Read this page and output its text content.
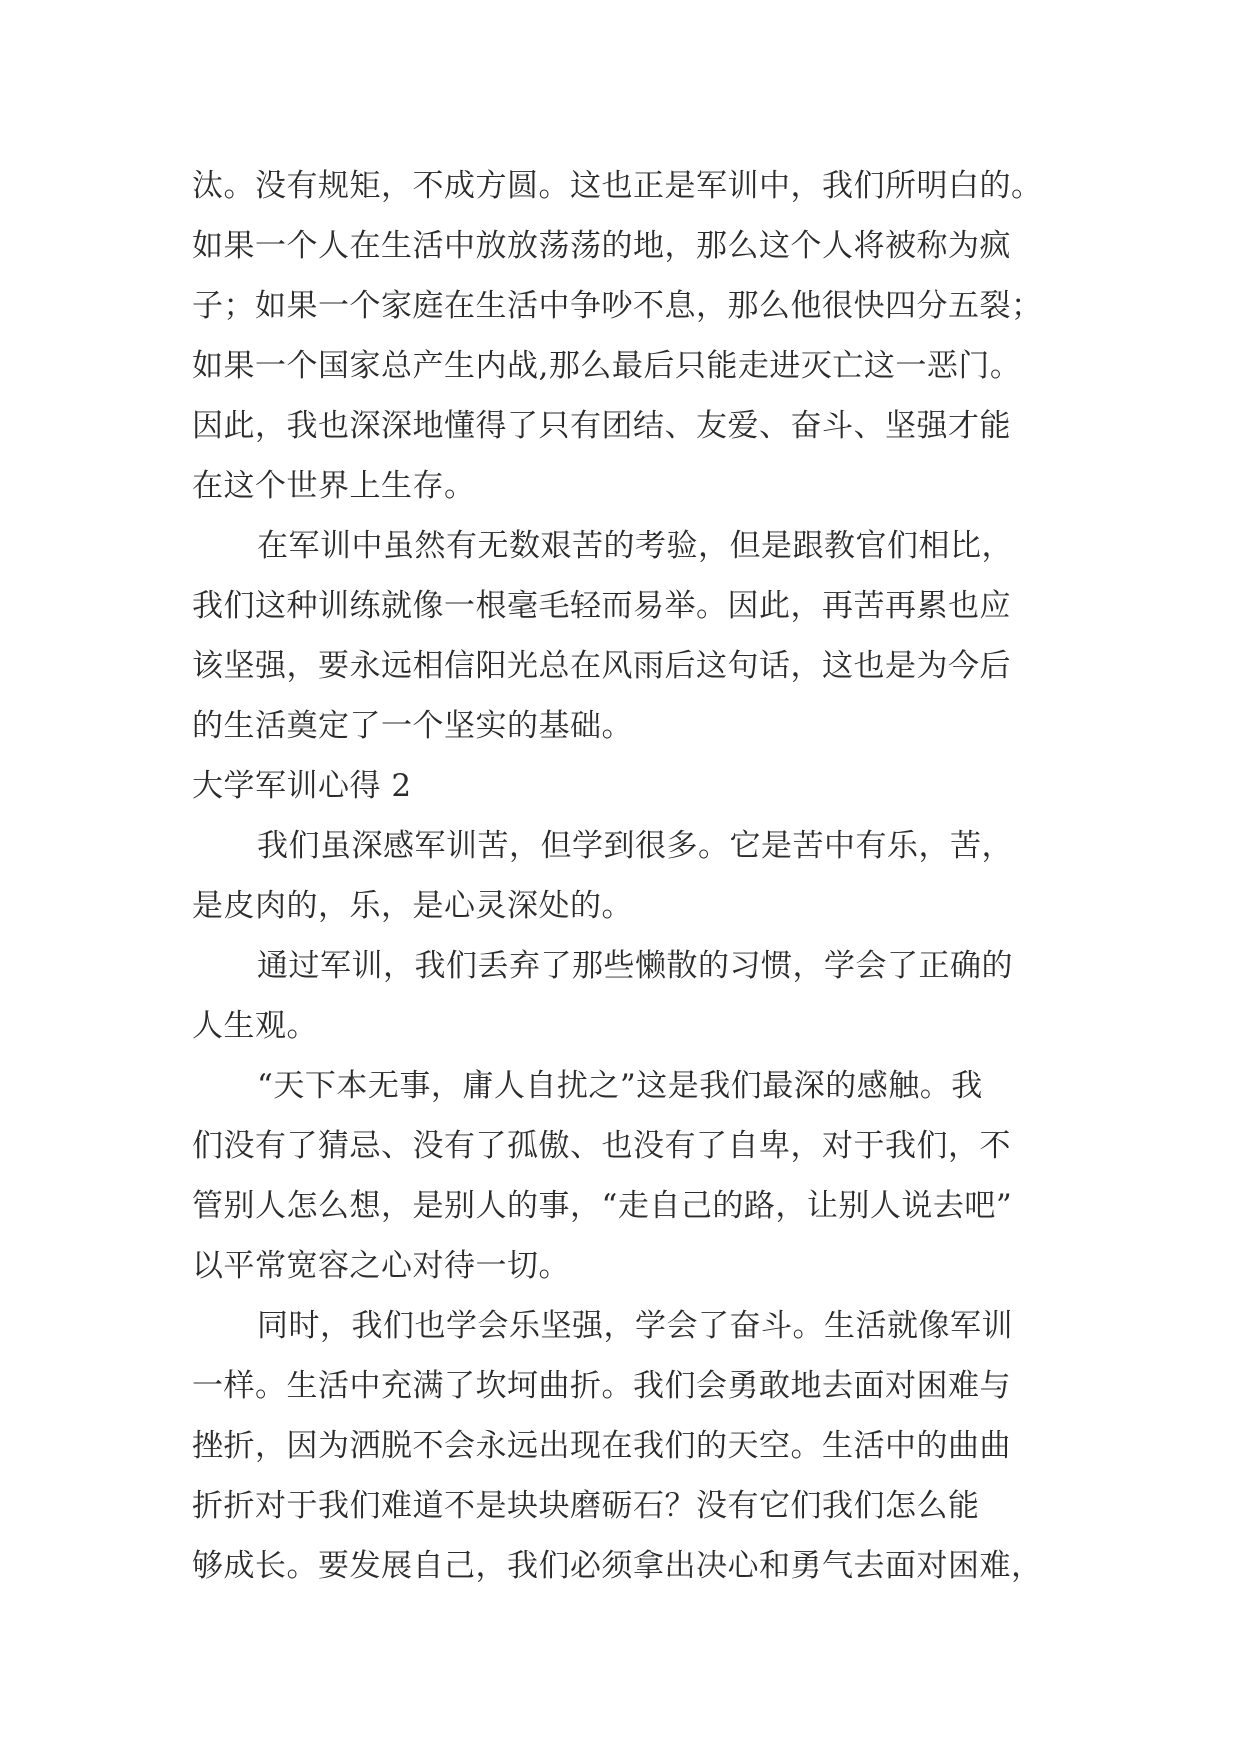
汰。没有规矩，不成方圆。这也正是军训中，我们所明白的。
如果一个人在生活中放放荡荡的地，那么这个人将被称为疯
子；如果一个家庭在生活中争吵不息，那么他很快四分五裂；
如果一个国家总产生内战,那么最后只能走进灭亡这一恶门。
因此，我也深深地懂得了只有团结、友爱、奋斗、坚强才能
在这个世界上生存。
在军训中虽然有无数艰苦的考验，但是跟教官们相比，
我们这种训练就像一根毫毛轻而易举。因此，再苦再累也应
该坚强，要永远相信阳光总在风雨后这句话，这也是为今后
的生活奠定了一个坚实的基础。
大学军训心得 2
我们虽深感军训苦，但学到很多。它是苦中有乐，苦，
是皮肉的，乐，是心灵深处的。
通过军训，我们丢弃了那些懒散的习惯，学会了正确的
人生观。
“天下本无事，庸人自扰之”这是我们最深的感触。我
们没有了猜忌、没有了孤傲、也没有了自卑，对于我们，不
管别人怎么想，是别人的事，“走自己的路，让别人说去吧”
以平常宽容之心对待一切。
同时，我们也学会乐坚强，学会了奋斗。生活就像军训
一样。生活中充满了坎坷曲折。我们会勇敢地去面对困难与
挫折，因为洒脱不会永远出现在我们的天空。生活中的曲曲
折折对于我们难道不是块块磨砺石？没有它们我们怎么能
够成长。要发展自己，我们必须拿出决心和勇气去面对困难，
